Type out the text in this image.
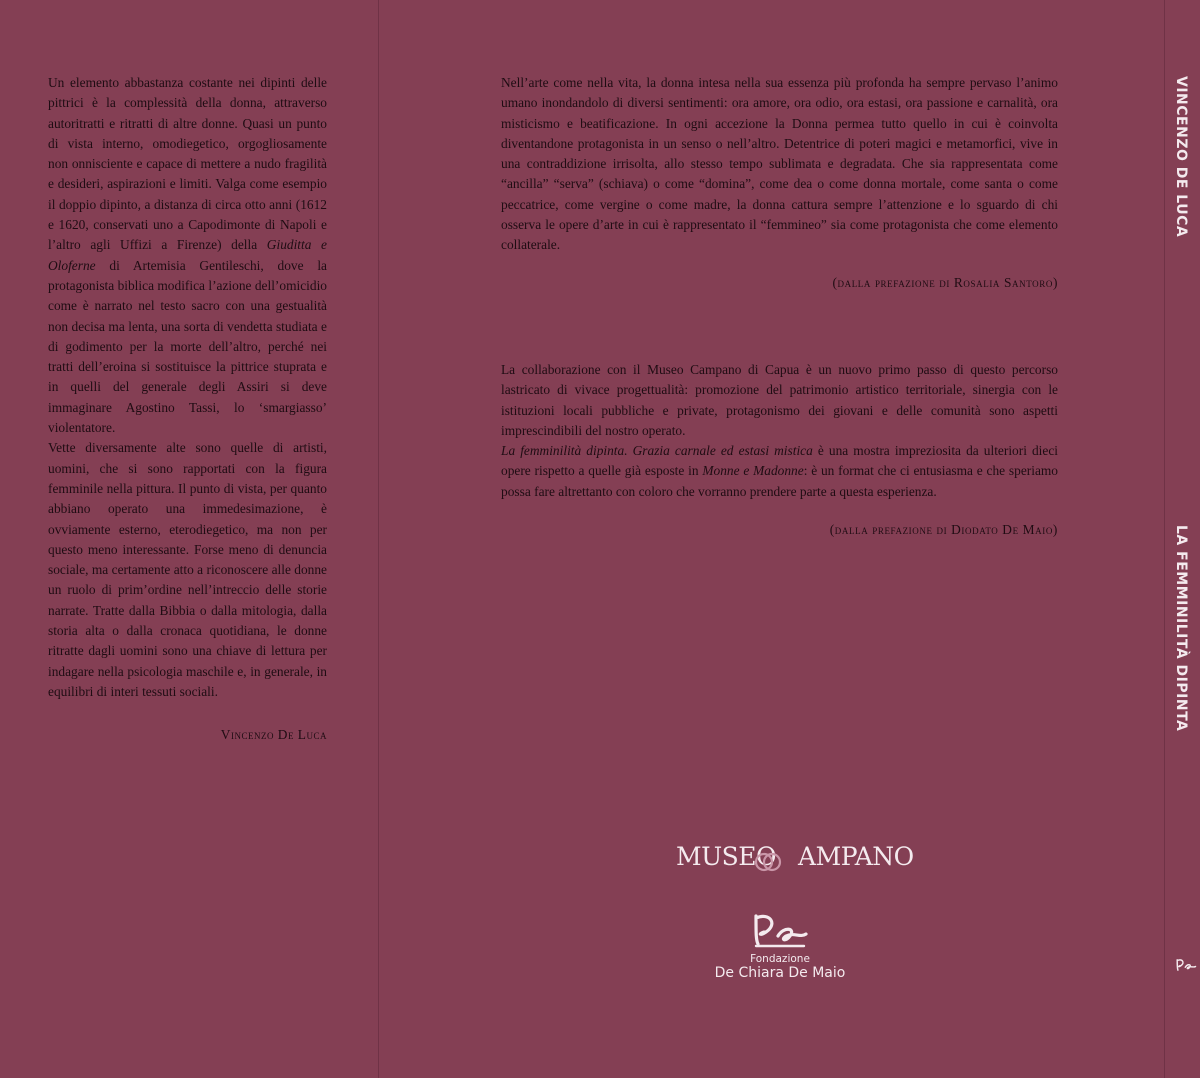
Un elemento abbastanza costante nei dipinti delle pittrici è la complessità della donna, attraverso autoritratti e ritratti di altre donne. Quasi un punto di vista interno, omodiegetico, orgogliosamente non onnisciente e capace di mettere a nudo fragilità e desideri, aspirazioni e limiti. Valga come esempio il doppio dipinto, a distanza di circa otto anni (1612 e 1620, conservati uno a Capodimonte di Napoli e l’altro agli Uffizi a Firenze) della Giuditta e Oloferne di Artemisia Gentileschi, dove la protagonista biblica modifica l’azione dell’omicidio come è narrato nel testo sacro con una gestualità non decisa ma lenta, una sorta di vendetta studiata e di godimento per la morte dell’altro, perché nei tratti dell’eroina si sostituisce la pittrice stuprata e in quelli del generale degli Assiri si deve immaginare Agostino Tassi, lo ‘smargiasso’ violentatore.

Vette diversamente alte sono quelle di artisti, uomini, che si sono rapportati con la figura femminile nella pittura. Il punto di vista, per quanto abbiano operato una immedesimazione, è ovviamente esterno, eterodiegetico, ma non per questo meno interessante. Forse meno di denuncia sociale, ma certamente atto a riconoscere alle donne un ruolo di prim’ordine nell’intreccio delle storie narrate. Tratte dalla Bibbia o dalla mitologia, dalla storia alta o dalla cronaca quotidiana, le donne ritratte dagli uomini sono una chiave di lettura per indagare nella psicologia maschile e, in generale, in equilibri di interi tessuti sociali.

Vincenzo De Luca

Nell’arte come nella vita, la donna intesa nella sua essenza più profonda ha sempre pervaso l’animo umano inondandolo di diversi sentimenti: ora amore, ora odio, ora estasi, ora passione e carnalità, ora misticismo e beatificazione. In ogni accezione la Donna permea tutto quello in cui è coinvolta diventandone protagonista in un senso o nell’altro. Detentrice di poteri magici e metamorfici, vive in una contraddizione irrisolta, allo stesso tempo sublimata e degradata. Che sia rappresentata come “ancilla” “serva” (schiava) o come “domina”, come dea o come donna mortale, come santa o come peccatrice, come vergine o come madre, la donna cattura sempre l’attenzione e lo sguardo di chi osserva le opere d’arte in cui è rappresentato il “femmineo” sia come protagonista che come elemento collaterale.

(dalla prefazione di Rosalia Santoro)

La collaborazione con il Museo Campano di Capua è un nuovo primo passo di questo percorso lastricato di vivace progettualità: promozione del patrimonio artistico territoriale, sinergia con le istituzioni locali pubbliche e private, protagonismo dei giovani e delle comunità sono aspetti imprescindibili del nostro operato.

La femminilità dipinta. Grazia carnale ed estasi mistica è una mostra impreziosita da ulteriori dieci opere rispetto a quelle già esposte in Monne e Madonne: è un format che ci entusiasma e che speriamo possa fare altrettanto con coloro che vorranno prendere parte a questa esperienza.

(dalla prefazione di Diodato De Maio)
MUSEO AMPANO
Fondazione
De Chiara De Maio
VINCENZO DE LUCA
LA FEMMINILITÀ DIPINTA
